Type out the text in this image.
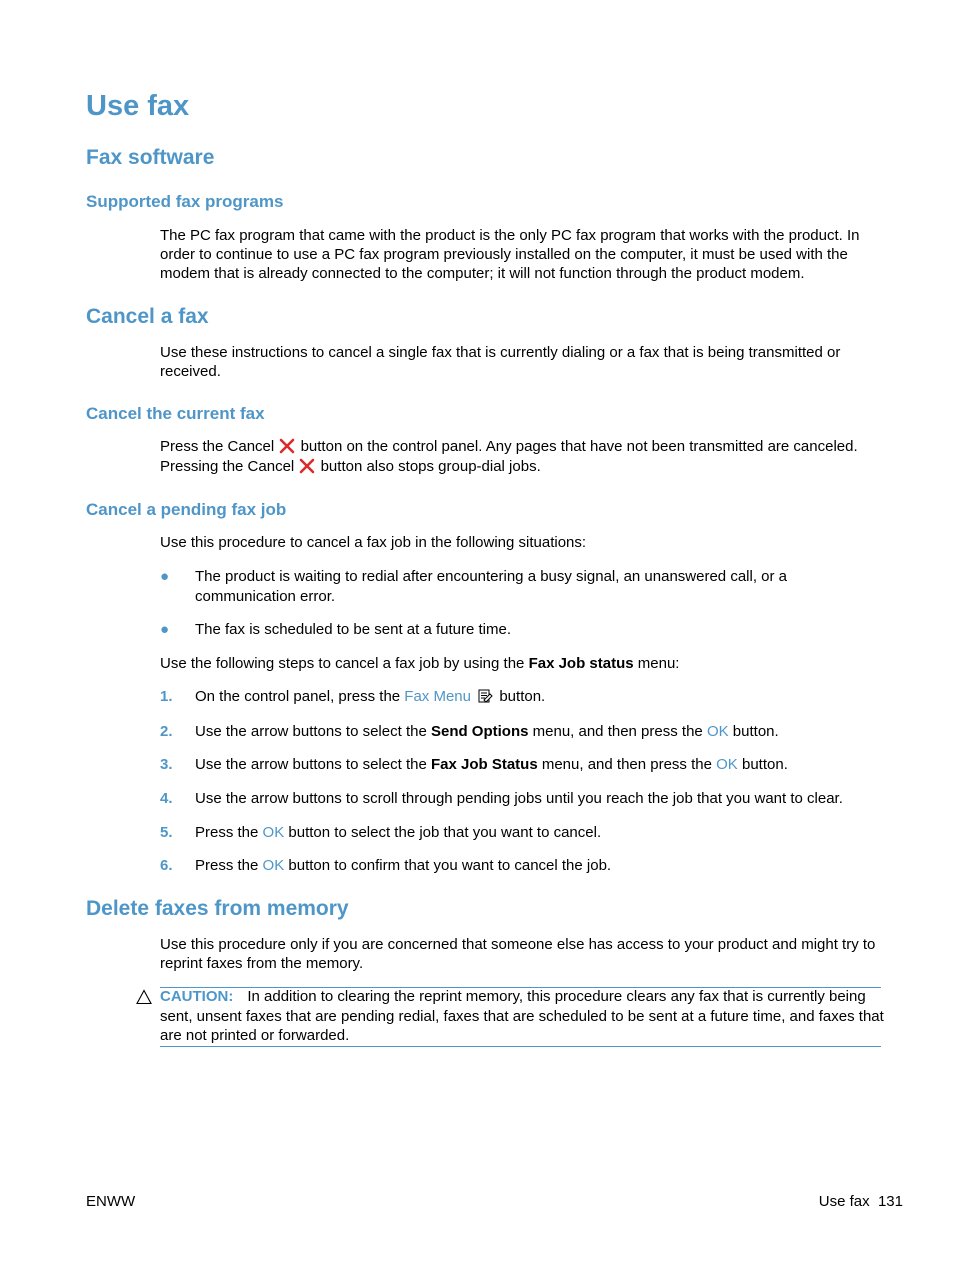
Use fax
Fax software
Supported fax programs

The PC fax program that came with the product is the only PC fax program that works with the product. In order to continue to use a PC fax program previously installed on the computer, it must be used with the modem that is already connected to the computer; it will not function through the product modem.

Cancel a fax

Use these instructions to cancel a single fax that is currently dialing or a fax that is being transmitted or received.

Cancel the current fax
Press the Cancel button on the control panel. Any pages that have not been transmitted are canceled.
Pressing the Cancel button also stops group-dial jobs.
Cancel a pending fax job

Use this procedure to cancel a fax job in the following situations:

● The product is waiting to redial after encountering a busy signal, an unanswered call, or a communication error.
● The fax is scheduled to be sent at a future time.

Use the following steps to cancel a fax job by using the Fax Job status menu:

1. On the control panel, press the Fax Menu button.
2. Use the arrow buttons to select the Send Options menu, and then press the OK button.
3. Use the arrow buttons to select the Fax Job Status menu, and then press the OK button.
4. Use the arrow buttons to scroll through pending jobs until you reach the job that you want to clear.
5. Press the OK button to select the job that you want to cancel.
6. Press the OK button to confirm that you want to cancel the job.
Delete faxes from memory

Use this procedure only if you are concerned that someone else has access to your product and might try to reprint faxes from the memory.

CAUTION: In addition to clearing the reprint memory, this procedure clears any fax that is currently being sent, unsent faxes that are pending redial, faxes that are scheduled to be sent at a future time, and faxes that are not printed or forwarded.
ENWW	Use fax 131
